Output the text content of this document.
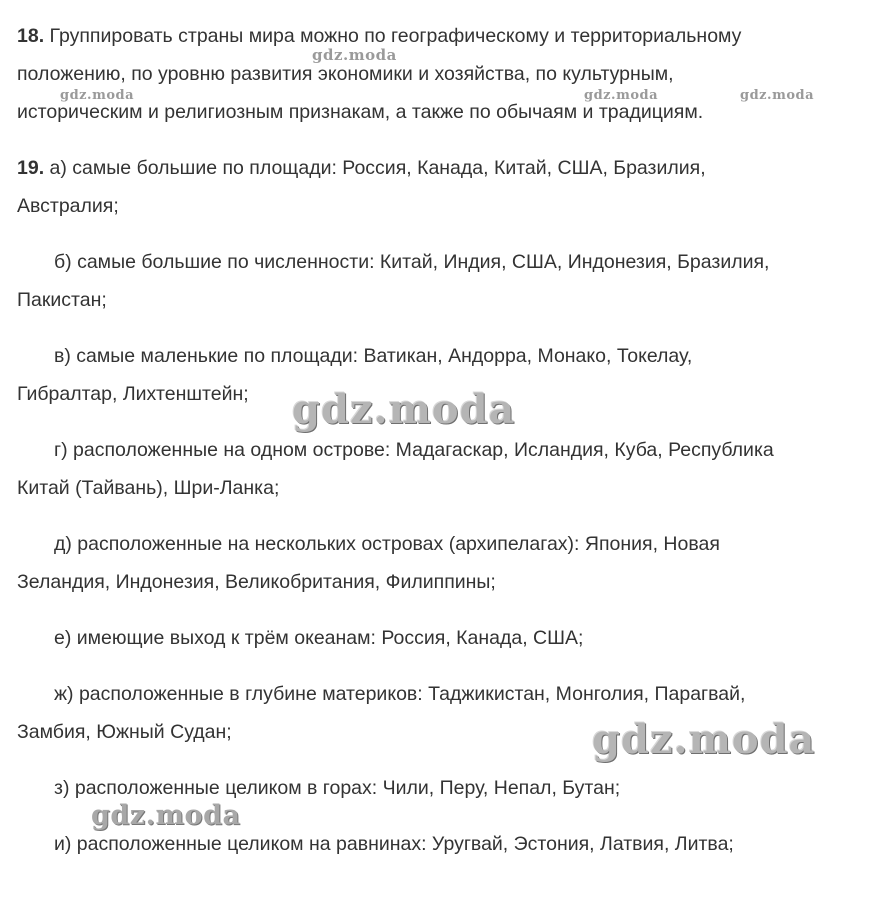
18. Группировать страны мира можно по географическому и территориальному
положению, по уровню развития экономики и хозяйства, по культурным,
историческим и религиозным признакам, а также по обычаям и традициям.
19. а) самые большие по площади: Россия, Канада, Китай, США, Бразилия,
Австралия;
б) самые большие по численности: Китай, Индия, США, Индонезия, Бразилия,
Пакистан;
в) самые маленькие по площади: Ватикан, Андорра, Монако, Токелау,
Гибралтар, Лихтенштейн;
г) расположенные на одном острове: Мадагаскар, Исландия, Куба, Республика
Китай (Тайвань), Шри-Ланка;
д) расположенные на нескольких островах (архипелагах): Япония, Новая
Зеландия, Индонезия, Великобритания, Филиппины;
е) имеющие выход к трём океанам: Россия, Канада, США;
ж) расположенные в глубине материков: Таджикистан, Монголия, Парагвай,
Замбия, Южный Судан;
з) расположенные целиком в горах: Чили, Перу, Непал, Бутан;
и) расположенные целиком на равнинах: Уругвай, Эстония, Латвия, Литва;
gdz.moda
gdz.moda	gdz.moda	gdz.moda
gdz.moda
gdz.moda
gdz.moda
